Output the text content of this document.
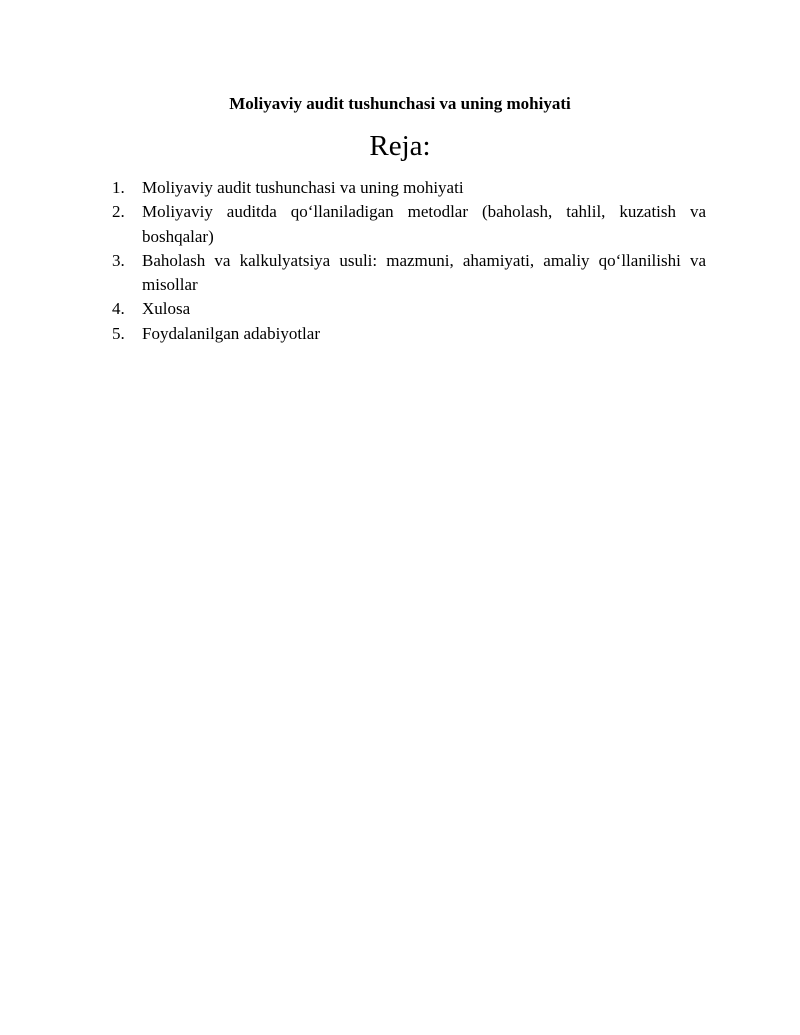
Moliyaviy audit tushunchasi va uning mohiyati
Reja:
1.	Moliyaviy audit tushunchasi va uning mohiyati
2.	Moliyaviy auditda qo‘llaniladigan metodlar (baholash, tahlil, kuzatish va boshqalar)
3.	Baholash va kalkulyatsiya usuli: mazmuni, ahamiyati, amaliy qo‘llanilishi va misollar
4.	Xulosa
5.	Foydalanilgan adabiyotlar
